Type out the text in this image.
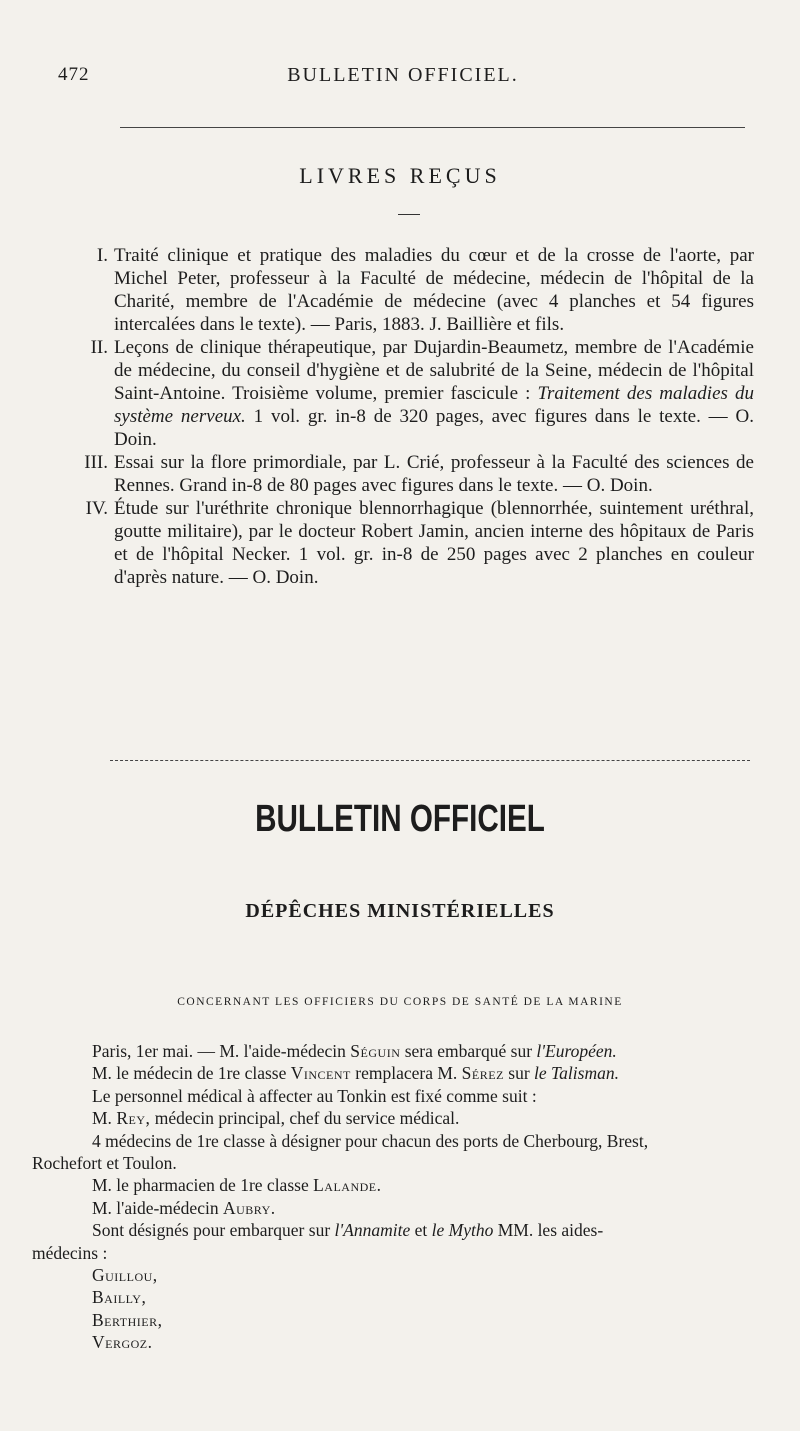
472	BULLETIN OFFICIEL.
LIVRES REÇUS
I. Traité clinique et pratique des maladies du cœur et de la crosse de l'aorte, par Michel Peter, professeur à la Faculté de médecine, médecin de l'hôpital de la Charité, membre de l'Académie de médecine (avec 4 planches et 54 figures intercalées dans le texte). — Paris, 1883. J. Baillière et fils.
II. Leçons de clinique thérapeutique, par Dujardin-Beaumetz, membre de l'Académie de médecine, du conseil d'hygiène et de salubrité de la Seine, médecin de l'hôpital Saint-Antoine. Troisième volume, premier fascicule : Traitement des maladies du système nerveux. 1 vol. gr. in-8 de 320 pages, avec figures dans le texte. — O. Doin.
III. Essai sur la flore primordiale, par L. Crié, professeur à la Faculté des sciences de Rennes. Grand in-8 de 80 pages avec figures dans le texte. — O. Doin.
IV. Étude sur l'uréthrite chronique blennorrhagique (blennorrhée, suintement uréthral, goutte militaire), par le docteur Robert Jamin, ancien interne des hôpitaux de Paris et de l'hôpital Necker. 1 vol. gr. in-8 de 250 pages avec 2 planches en couleur d'après nature. — O. Doin.
BULLETIN OFFICIEL
DÉPÊCHES MINISTÉRIELLES
CONCERNANT LES OFFICIERS DU CORPS DE SANTÉ DE LA MARINE

Paris, 1er mai. — M. l'aide-médecin Séguin sera embarqué sur l'Européen.

M. le médecin de 1re classe Vincent remplacera M. Sérez sur le Talisman.

Le personnel médical à affecter au Tonkin est fixé comme suit :

M. Rey, médecin principal, chef du service médical.

4 médecins de 1re classe à désigner pour chacun des ports de Cherbourg, Brest,

Rochefort et Toulon.

M. le pharmacien de 1re classe Lalande.

M. l'aide-médecin Aubry.

Sont désignés pour embarquer sur l'Annamite et le Mytho MM. les aides-

médecins :

Guillou,

Bailly,

Berthier,

Vergoz.
